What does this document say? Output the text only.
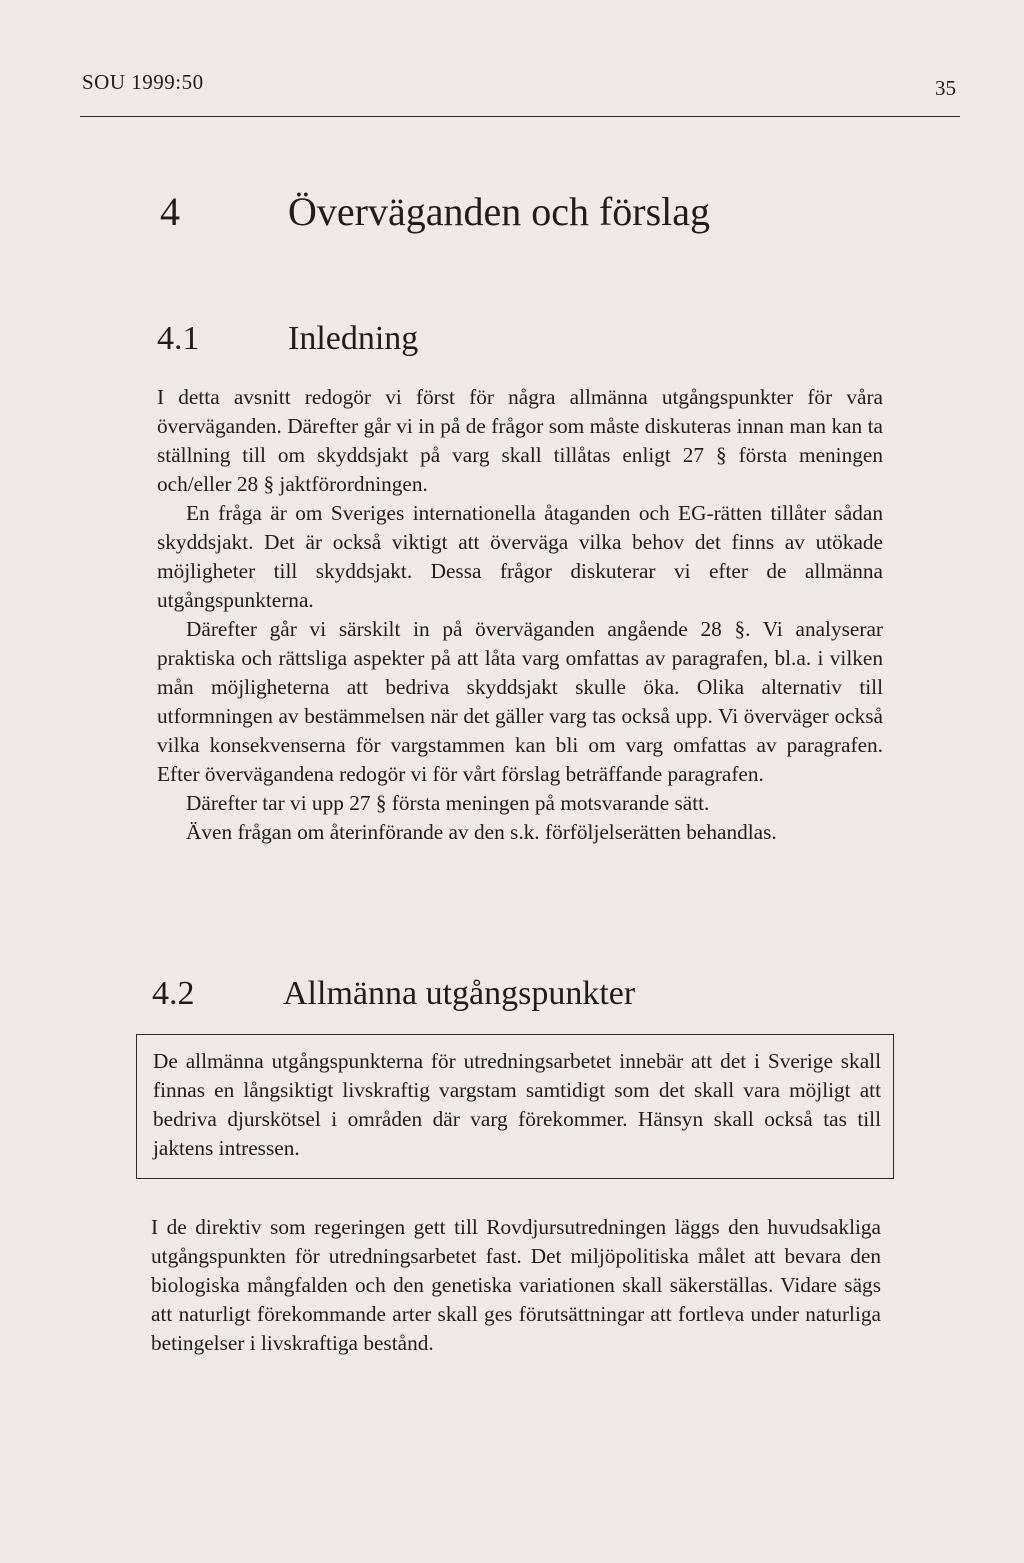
SOU 1999:50	35
4	Överväganden och förslag
4.1	Inledning

I detta avsnitt redogör vi först för några allmänna utgångspunkter för våra överväganden. Därefter går vi in på de frågor som måste diskuteras innan man kan ta ställning till om skyddsjakt på varg skall tillåtas enligt 27 § första meningen och/eller 28 § jaktförordningen.

En fråga är om Sveriges internationella åtaganden och EG-rätten tillåter sådan skyddsjakt. Det är också viktigt att överväga vilka behov det finns av utökade möjligheter till skyddsjakt. Dessa frågor diskuterar vi efter de allmänna utgångspunkterna.

Därefter går vi särskilt in på överväganden angående 28 §. Vi analyserar praktiska och rättsliga aspekter på att låta varg omfattas av paragrafen, bl.a. i vilken mån möjligheterna att bedriva skyddsjakt skulle öka. Olika alternativ till utformningen av bestämmelsen när det gäller varg tas också upp. Vi överväger också vilka konsekvenserna för vargstammen kan bli om varg omfattas av paragrafen. Efter övervägandena redogör vi för vårt förslag beträffande paragrafen.

Därefter tar vi upp 27 § första meningen på motsvarande sätt.

Även frågan om återinförande av den s.k. förföljelserätten behandlas.

4.2	Allmänna utgångspunkter
De allmänna utgångspunkterna för utredningsarbetet innebär att det i Sverige skall finnas en långsiktigt livskraftig vargstam samtidigt som det skall vara möjligt att bedriva djurskötsel i områden där varg förekommer. Hänsyn skall också tas till jaktens intressen.

I de direktiv som regeringen gett till Rovdjursutredningen läggs den huvudsakliga utgångspunkten för utredningsarbetet fast. Det miljöpolitiska målet att bevara den biologiska mångfalden och den genetiska variationen skall säkerställas. Vidare sägs att naturligt förekommande arter skall ges förutsättningar att fortleva under naturliga betingelser i livskraftiga bestånd.
